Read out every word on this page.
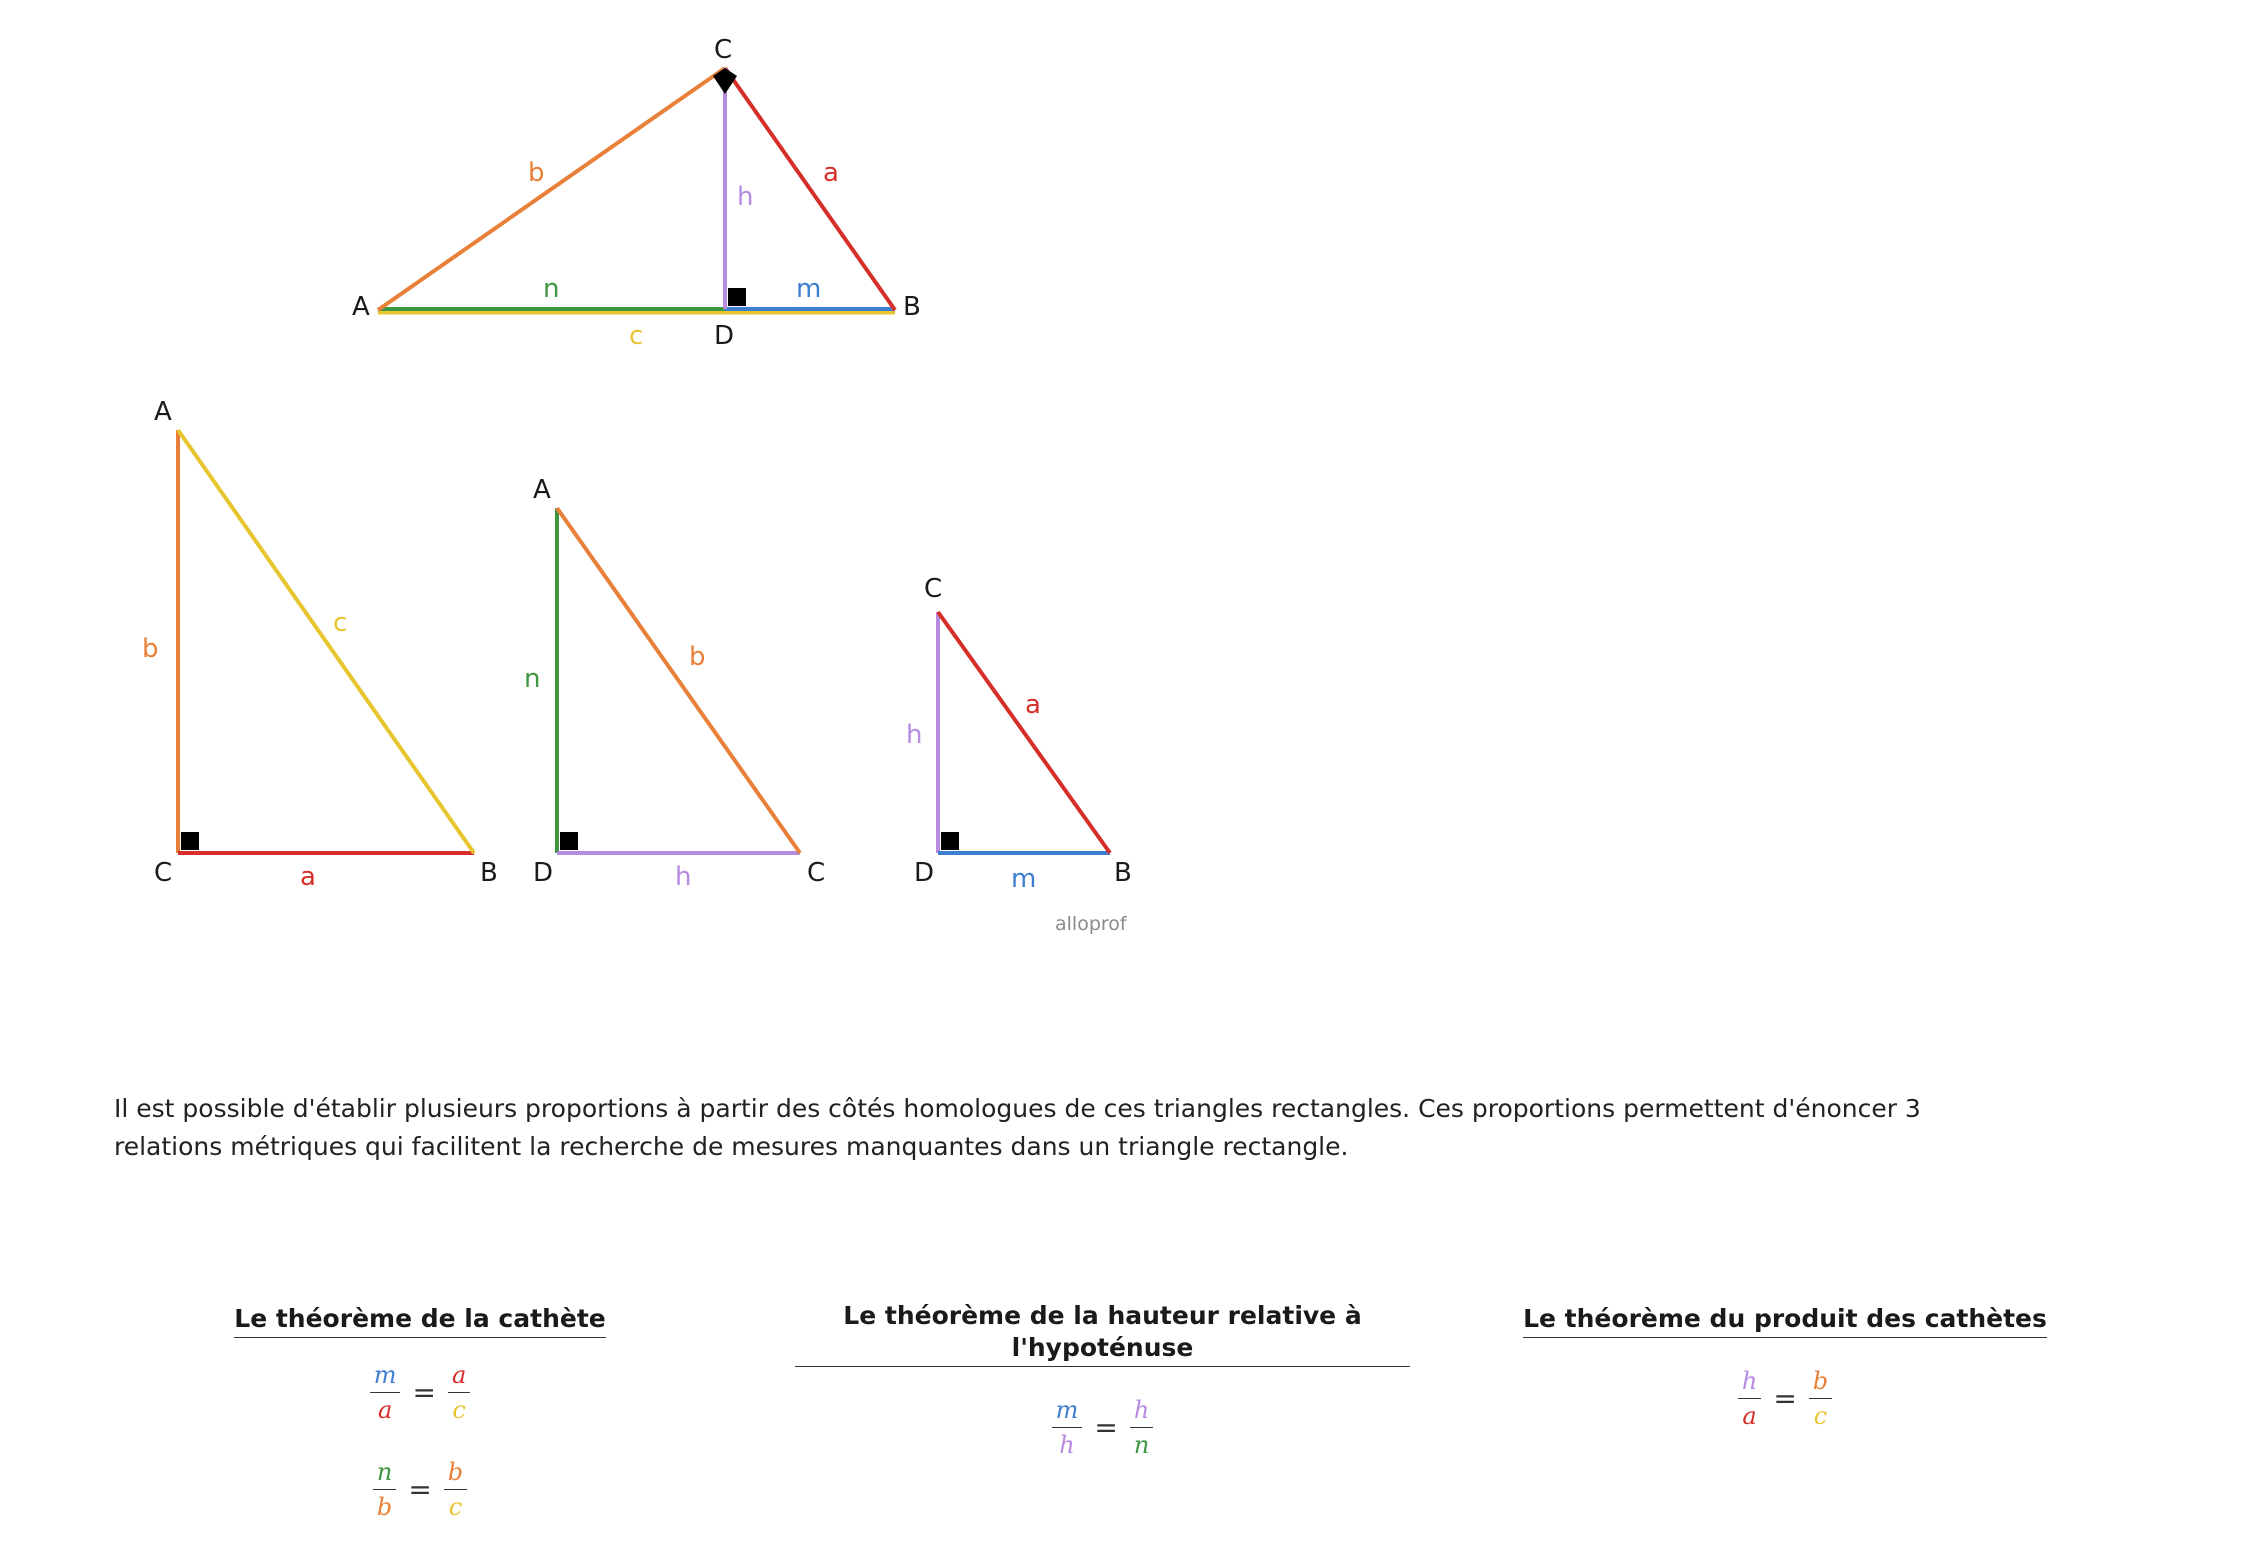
C
A	B
D
b	a
h
n	m
c
A
C	B
b
c
a
A
D	C
n
b
h
C
D	B
h
a
m
alloprof

Il est possible d'établir plusieurs proportions à partir des côtés homologues de ces triangles rectangles. Ces proportions permettent d'énoncer 3 relations métriques qui facilitent la recherche de mesures manquantes dans un triangle rectangle.

Le théorème de la cathète
$\frac{m}{a} = \frac{a}{c}$
$\frac{n}{b} = \frac{b}{c}$
Le théorème de la hauteur relative à l'hypoténuse
$\frac{m}{h} = \frac{h}{n}$
Le théorème du produit des cathètes
$\frac{h}{a} = \frac{b}{c}$
